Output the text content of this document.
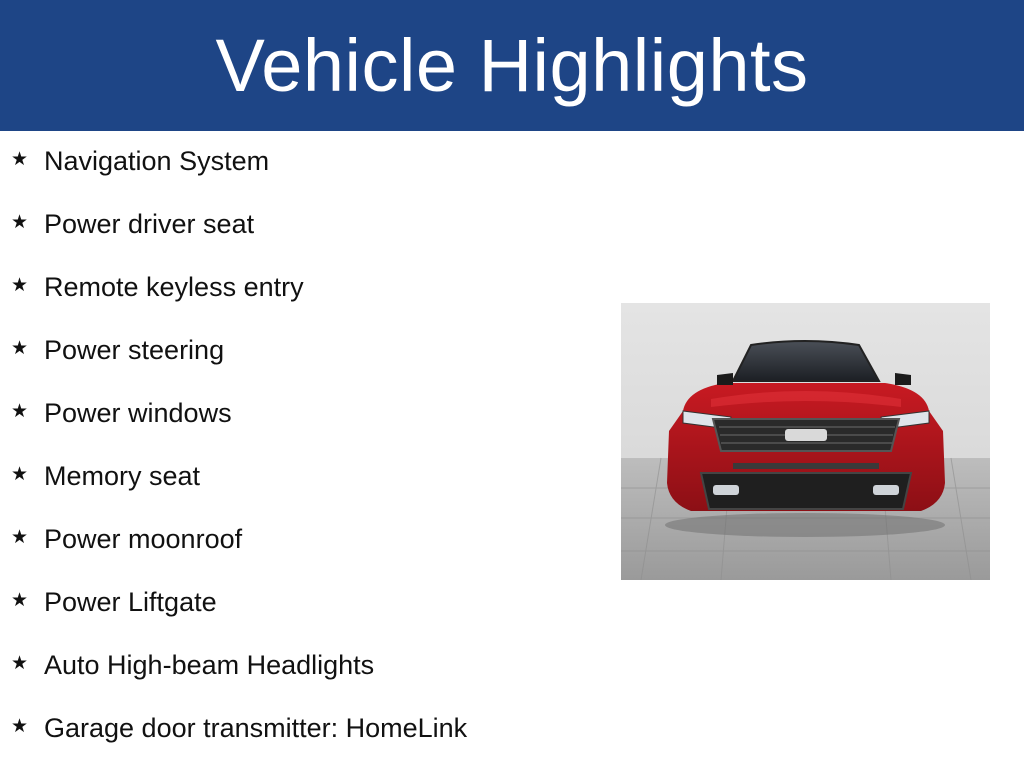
Vehicle Highlights
★ Navigation System
★ Power driver seat
★ Remote keyless entry
★ Power steering
★ Power windows
★ Memory seat
★ Power moonroof
★ Power Liftgate
★ Auto High-beam Headlights
★ Garage door transmitter: HomeLink
